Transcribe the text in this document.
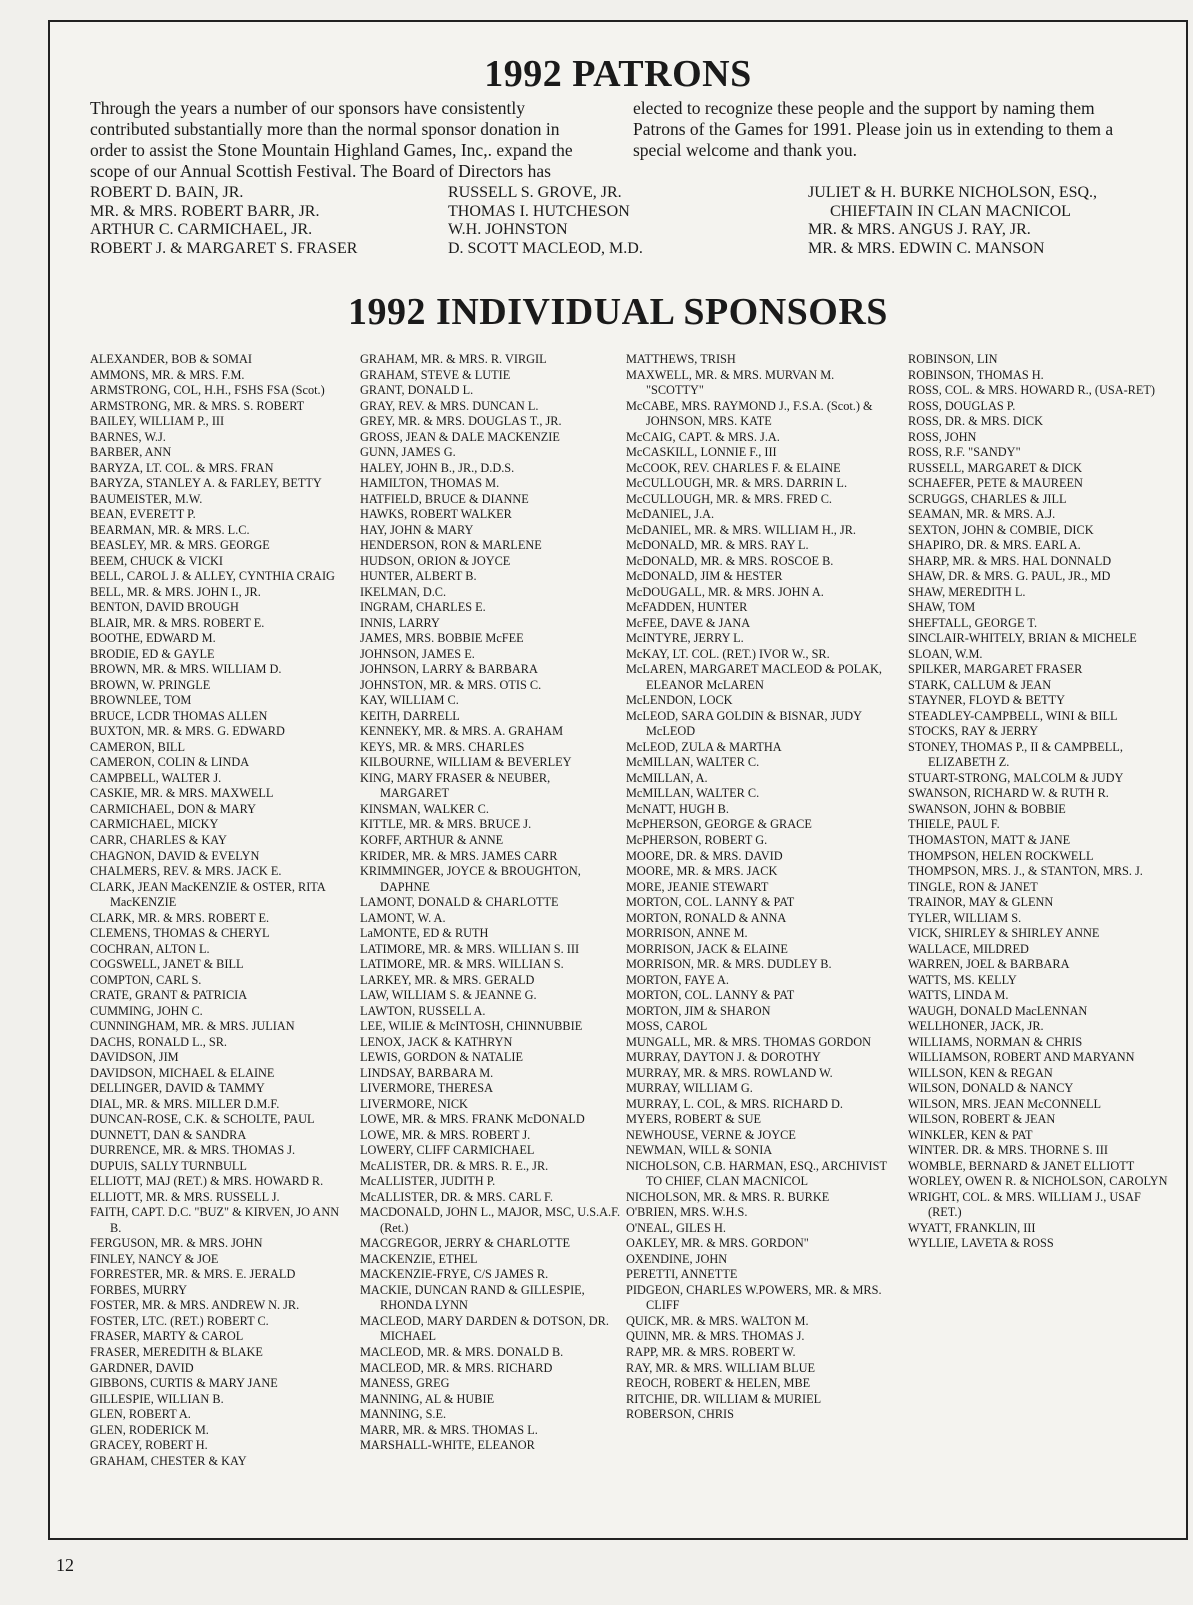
1992 PATRONS

Through the years a number of our sponsors have consistently contributed substantially more than the normal sponsor donation in order to assist the Stone Mountain Highland Games, Inc,. expand the scope of our Annual Scottish Festival. The Board of Directors has elected to recognize these people and the support by naming them Patrons of the Games for 1991. Please join us in extending to them a special welcome and thank you.

ROBERT D. BAIN, JR.
MR. & MRS. ROBERT BARR, JR.
ARTHUR C. CARMICHAEL, JR.
ROBERT J. & MARGARET S. FRASER
RUSSELL S. GROVE, JR.
THOMAS I. HUTCHESON
W.H. JOHNSTON
D. SCOTT MACLEOD, M.D.
JULIET & H. BURKE NICHOLSON, ESQ., CHIEFTAIN IN CLAN MACNICOL
MR. & MRS. ANGUS J. RAY, JR.
MR. & MRS. EDWIN C. MANSON
1992 INDIVIDUAL SPONSORS
ALEXANDER, BOB & SOMAI
AMMONS, MR. & MRS. F.M.
ARMSTRONG, COL, H.H., FSHS FSA (Scot.)
ARMSTRONG, MR. & MRS. S. ROBERT
BAILEY, WILLIAM P., III
BARNES, W.J.
BARBER, ANN
BARYZA, LT. COL. & MRS. FRAN
BARYZA, STANLEY A. & FARLEY, BETTY
BAUMEISTER, M.W.
BEAN, EVERETT P.
BEARMAN, MR. & MRS. L.C.
BEASLEY, MR. & MRS. GEORGE
BEEM, CHUCK & VICKI
BELL, CAROL J. & ALLEY, CYNTHIA CRAIG
BELL, MR. & MRS. JOHN I., JR.
BENTON, DAVID BROUGH
BLAIR, MR. & MRS. ROBERT E.
BOOTHE, EDWARD M.
BRODIE, ED & GAYLE
BROWN, MR. & MRS. WILLIAM D.
BROWN, W. PRINGLE
BROWNLEE, TOM
BRUCE, LCDR THOMAS ALLEN
BUXTON, MR. & MRS. G. EDWARD
CAMERON, BILL
CAMERON, COLIN & LINDA
CAMPBELL, WALTER J.
CASKIE, MR. & MRS. MAXWELL
CARMICHAEL, DON & MARY
CARMICHAEL, MICKY
CARR, CHARLES & KAY
CHAGNON, DAVID & EVELYN
CHALMERS, REV. & MRS. JACK E.
CLARK, JEAN MacKENZIE & OSTER, RITA MacKENZIE
CLARK, MR. & MRS. ROBERT E.
CLEMENS, THOMAS & CHERYL
COCHRAN, ALTON L.
COGSWELL, JANET & BILL
COMPTON, CARL S.
CRATE, GRANT & PATRICIA
CUMMING, JOHN C.
CUNNINGHAM, MR. & MRS. JULIAN
DACHS, RONALD L., SR.
DAVIDSON, JIM
DAVIDSON, MICHAEL & ELAINE
DELLINGER, DAVID & TAMMY
DIAL, MR. & MRS. MILLER D.M.F.
DUNCAN-ROSE, C.K. & SCHOLTE, PAUL
DUNNETT, DAN & SANDRA
DURRENCE, MR. & MRS. THOMAS J.
DUPUIS, SALLY TURNBULL
ELLIOTT, MAJ (RET.) & MRS. HOWARD R.
ELLIOTT, MR. & MRS. RUSSELL J.
FAITH, CAPT. D.C. "BUZ" & KIRVEN, JO ANN B.
FERGUSON, MR. & MRS. JOHN
FINLEY, NANCY & JOE
FORRESTER, MR. & MRS. E. JERALD
FORBES, MURRY
FOSTER, MR. & MRS. ANDREW N. JR.
FOSTER, LTC. (RET.) ROBERT C.
FRASER, MARTY & CAROL
FRASER, MEREDITH & BLAKE
GARDNER, DAVID
GIBBONS, CURTIS & MARY JANE
GILLESPIE, WILLIAN B.
GLEN, ROBERT A.
GLEN, RODERICK M.
GRACEY, ROBERT H.
GRAHAM, CHESTER & KAY
GRAHAM, MR. & MRS. R. VIRGIL
GRAHAM, STEVE & LUTIE
GRANT, DONALD L.
GRAY, REV. & MRS. DUNCAN L.
GREY, MR. & MRS. DOUGLAS T., JR.
GROSS, JEAN & DALE MACKENZIE
GUNN, JAMES G.
HALEY, JOHN B., JR., D.D.S.
HAMILTON, THOMAS M.
HATFIELD, BRUCE & DIANNE
HAWKS, ROBERT WALKER
HAY, JOHN & MARY
HENDERSON, RON & MARLENE
HUDSON, ORION & JOYCE
HUNTER, ALBERT B.
IKELMAN, D.C.
INGRAM, CHARLES E.
INNIS, LARRY
JAMES, MRS. BOBBIE McFEE
JOHNSON, JAMES E.
JOHNSON, LARRY & BARBARA
JOHNSTON, MR. & MRS. OTIS C.
KAY, WILLIAM C.
KEITH, DARRELL
KENNEKY, MR. & MRS. A. GRAHAM
KEYS, MR. & MRS. CHARLES
KILBOURNE, WILLIAM & BEVERLEY
KING, MARY FRASER & NEUBER, MARGARET
KINSMAN, WALKER C.
KITTLE, MR. & MRS. BRUCE J.
KORFF, ARTHUR & ANNE
KRIDER, MR. & MRS. JAMES CARR
KRIMMINGER, JOYCE & BROUGHTON, DAPHNE
LAMONT, DONALD & CHARLOTTE
LAMONT, W. A.
LaMONTE, ED & RUTH
LATIMORE, MR. & MRS. WILLIAN S. III
LATIMORE, MR. & MRS. WILLIAN S.
LARKEY, MR. & MRS. GERALD
LAW, WILLIAM S. & JEANNE G.
LAWTON, RUSSELL A.
LEE, WILIE & McINTOSH, CHINNUBBIE
LENOX, JACK & KATHRYN
LEWIS, GORDON & NATALIE
LINDSAY, BARBARA M.
LIVERMORE, THERESA
LIVERMORE, NICK
LOWE, MR. & MRS. FRANK McDONALD
LOWE, MR. & MRS. ROBERT J.
LOWERY, CLIFF CARMICHAEL
McALISTER, DR. & MRS. R. E., JR.
McALLISTER, JUDITH P.
McALLISTER, DR. & MRS. CARL F.
MACDONALD, JOHN L., MAJOR, MSC, U.S.A.F. (Ret.)
MACGREGOR, JERRY & CHARLOTTE
MACKENZIE, ETHEL
MACKENZIE-FRYE, C/S JAMES R.
MACKIE, DUNCAN RAND & GILLESPIE, RHONDA LYNN
MACLEOD, MARY DARDEN & DOTSON, DR. MICHAEL
MACLEOD, MR. & MRS. DONALD B.
MACLEOD, MR. & MRS. RICHARD
MANESS, GREG
MANNING, AL & HUBIE
MANNING, S.E.
MARR, MR. & MRS. THOMAS L.
MARSHALL-WHITE, ELEANOR
MATTHEWS, TRISH
MAXWELL, MR. & MRS. MURVAN M. "SCOTTY"
McCABE, MRS. RAYMOND J., F.S.A. (Scot.) & JOHNSON, MRS. KATE
McCAIG, CAPT. & MRS. J.A.
McCASKILL, LONNIE F., III
McCOOK, REV. CHARLES F. & ELAINE
McCULLOUGH, MR. & MRS. DARRIN L.
McCULLOUGH, MR. & MRS. FRED C.
McDANIEL, J.A.
McDANIEL, MR. & MRS. WILLIAM H., JR.
McDONALD, MR. & MRS. RAY L.
McDONALD, MR. & MRS. ROSCOE B.
McDONALD, JIM & HESTER
McDOUGALL, MR. & MRS. JOHN A.
McFADDEN, HUNTER
McFEE, DAVE & JANA
McINTYRE, JERRY L.
McKAY, LT. COL. (RET.) IVOR W., SR.
McLAREN, MARGARET MACLEOD & POLAK, ELEANOR McLAREN
McLENDON, LOCK
McLEOD, SARA GOLDIN & BISNAR, JUDY McLEOD
McLEOD, ZULA & MARTHA
McMILLAN, WALTER C.
McMILLAN, A.
McMILLAN, WALTER C.
McNATT, HUGH B.
McPHERSON, GEORGE & GRACE
McPHERSON, ROBERT G.
MOORE, DR. & MRS. DAVID
MOORE, MR. & MRS. JACK
MORE, JEANIE STEWART
MORTON, COL. LANNY & PAT
MORTON, RONALD & ANNA
MORRISON, ANNE M.
MORRISON, JACK & ELAINE
MORRISON, MR. & MRS. DUDLEY B.
MORTON, FAYE A.
MORTON, COL. LANNY & PAT
MORTON, JIM & SHARON
MOSS, CAROL
MUNGALL, MR. & MRS. THOMAS GORDON
MURRAY, DAYTON J. & DOROTHY
MURRAY, MR. & MRS. ROWLAND W.
MURRAY, WILLIAM G.
MURRAY, L. COL, & MRS. RICHARD D.
MYERS, ROBERT & SUE
NEWHOUSE, VERNE & JOYCE
NEWMAN, WILL & SONIA
NICHOLSON, C.B. HARMAN, ESQ., ARCHIVIST TO CHIEF, CLAN MACNICOL
NICHOLSON, MR. & MRS. R. BURKE
O'BRIEN, MRS. W.H.S.
O'NEAL, GILES H.
OAKLEY, MR. & MRS. GORDON"
OXENDINE, JOHN
PERETTI, ANNETTE
PIDGEON, CHARLES W.POWERS, MR. & MRS. CLIFF
QUICK, MR. & MRS. WALTON M.
QUINN, MR. & MRS. THOMAS J.
RAPP, MR. & MRS. ROBERT W.
RAY, MR. & MRS. WILLIAM BLUE
REOCH, ROBERT & HELEN, MBE
RITCHIE, DR. WILLIAM & MURIEL
ROBERSON, CHRIS
ROBINSON, LIN
ROBINSON, THOMAS H.
ROSS, COL. & MRS. HOWARD R., (USA-RET)
ROSS, DOUGLAS P.
ROSS, DR. & MRS. DICK
ROSS, JOHN
ROSS, R.F. "SANDY"
RUSSELL, MARGARET & DICK
SCHAEFER, PETE & MAUREEN
SCRUGGS, CHARLES & JILL
SEAMAN, MR. & MRS. A.J.
SEXTON, JOHN & COMBIE, DICK
SHAPIRO, DR. & MRS. EARL A.
SHARP, MR. & MRS. HAL DONNALD
SHAW, DR. & MRS. G. PAUL, JR., MD
SHAW, MEREDITH L.
SHAW, TOM
SHEFTALL, GEORGE T.
SINCLAIR-WHITELY, BRIAN & MICHELE
SLOAN, W.M.
SPILKER, MARGARET FRASER
STARK, CALLUM & JEAN
STAYNER, FLOYD & BETTY
STEADLEY-CAMPBELL, WINI & BILL
STOCKS, RAY & JERRY
STONEY, THOMAS P., II & CAMPBELL, ELIZABETH Z.
STUART-STRONG, MALCOLM & JUDY
SWANSON, RICHARD W. & RUTH R.
SWANSON, JOHN & BOBBIE
THIELE, PAUL F.
THOMASTON, MATT & JANE
THOMPSON, HELEN ROCKWELL
THOMPSON, MRS. J., & STANTON, MRS. J.
TINGLE, RON & JANET
TRAINOR, MAY & GLENN
TYLER, WILLIAM S.
VICK, SHIRLEY & SHIRLEY ANNE
WALLACE, MILDRED
WARREN, JOEL & BARBARA
WATTS, MS. KELLY
WATTS, LINDA M.
WAUGH, DONALD MacLENNAN
WELLHONER, JACK, JR.
WILLIAMS, NORMAN & CHRIS
WILLIAMSON, ROBERT AND MARYANN
WILLSON, KEN & REGAN
WILSON, DONALD & NANCY
WILSON, MRS. JEAN McCONNELL
WILSON, ROBERT & JEAN
WINKLER, KEN & PAT
WINTER. DR. & MRS. THORNE S. III
WOMBLE, BERNARD & JANET ELLIOTT
WORLEY, OWEN R. & NICHOLSON, CAROLYN
WRIGHT, COL. & MRS. WILLIAM J., USAF (RET.)
WYATT, FRANKLIN, III
WYLLIE, LAVETA & ROSS
12
